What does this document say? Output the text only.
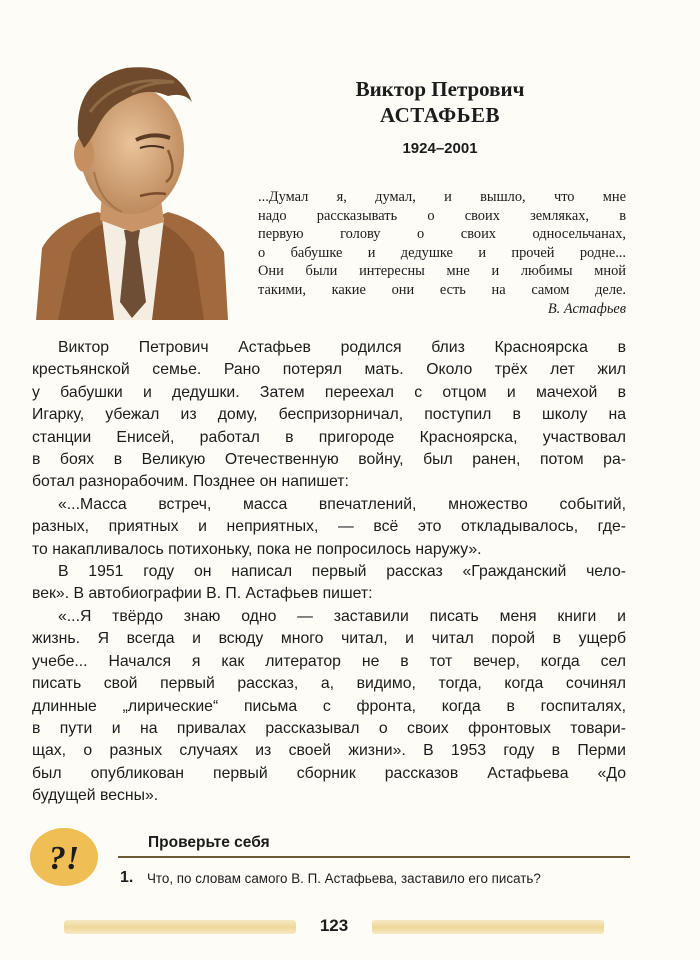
Виктор Петрович
АСТАФЬЕВ
1924–2001
...Думал я, думал, и вышло, что мне
надо рассказывать о своих земляках, в
первую голову о своих односельчанах,
о бабушке и дедушке и прочей родне...
Они были интересны мне и любимы мной
такими, какие они есть на самом деле.
В. Астафьев
Виктор Петрович Астафьев родился близ Красноярска в
крестьянской семье. Рано потерял мать. Около трёх лет жил
у бабушки и дедушки. Затем переехал с отцом и мачехой в
Игарку, убежал из дому, беспризорничал, поступил в школу на
станции Енисей, работал в пригороде Красноярска, участвовал
в боях в Великую Отечественную войну, был ранен, потом ра-
ботал разнорабочим. Позднее он напишет:
«...Масса встреч, масса впечатлений, множество событий,
разных, приятных и неприятных, — всё это откладывалось, где-
то накапливалось потихоньку, пока не попросилось наружу».
В 1951 году он написал первый рассказ «Гражданский чело-
век». В автобиографии В. П. Астафьев пишет:
«...Я твёрдо знаю одно — заставили писать меня книги и
жизнь. Я всегда и всюду много читал, и читал порой в ущерб
учебе... Начался я как литератор не в тот вечер, когда сел
писать свой первый рассказ, а, видимо, тогда, когда сочинял
длинные „лирические“ письма с фронта, когда в госпиталях,
в пути и на привалах рассказывал о своих фронтовых товари-
щах, о разных случаях из своей жизни». В 1953 году в Перми
был опубликован первый сборник рассказов Астафьева «До
будущей весны».
?!	Проверьте себя
1. Что, по словам самого В. П. Астафьева, заставило его писать?
123
